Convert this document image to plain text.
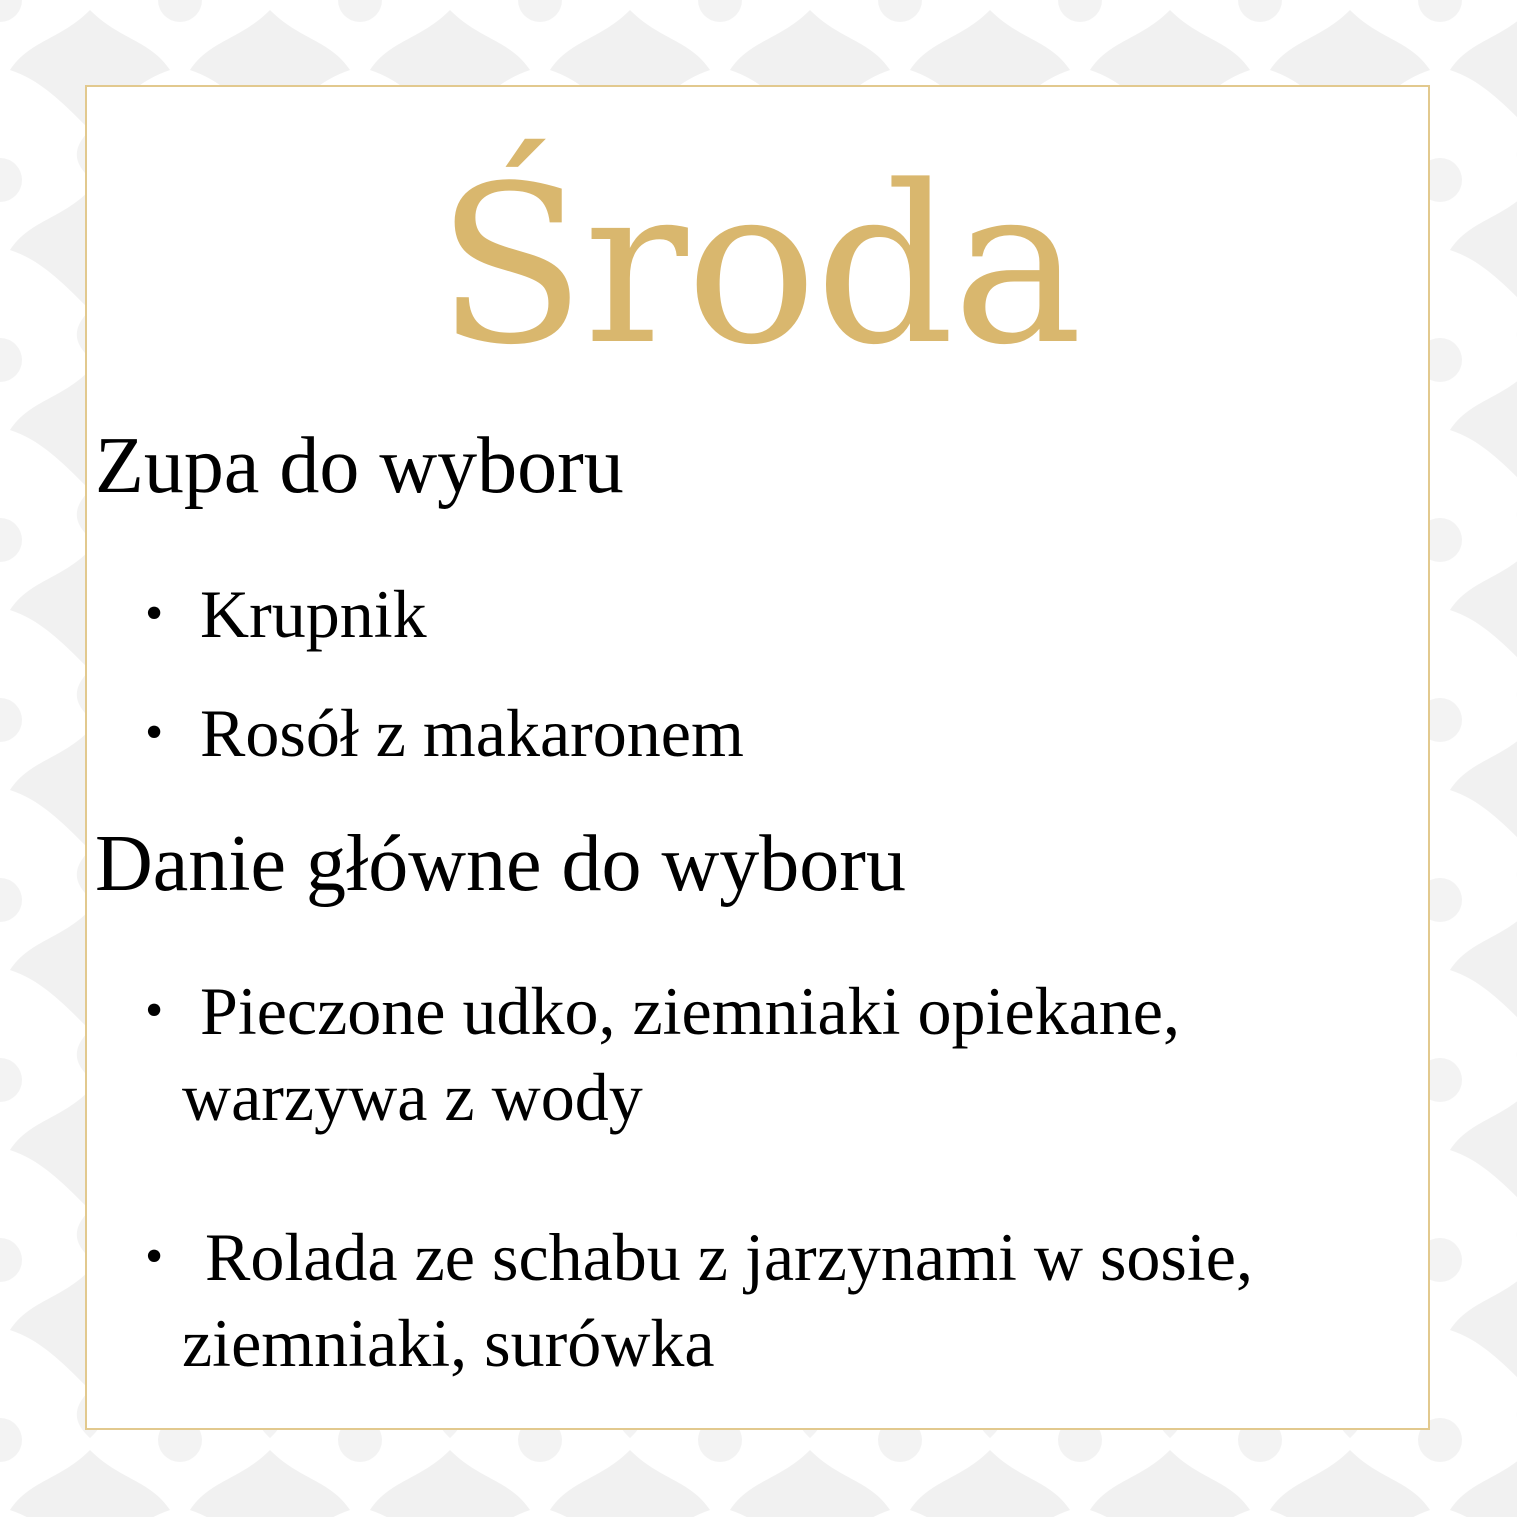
Środa
Zupa do wyboru
• Krupnik
• Rosół z makaronem
Danie główne do wyboru
• Pieczone udko, ziemniaki opiekane,
warzywa z wody
• Rolada ze schabu z jarzynami w sosie,
ziemniaki, surówka
